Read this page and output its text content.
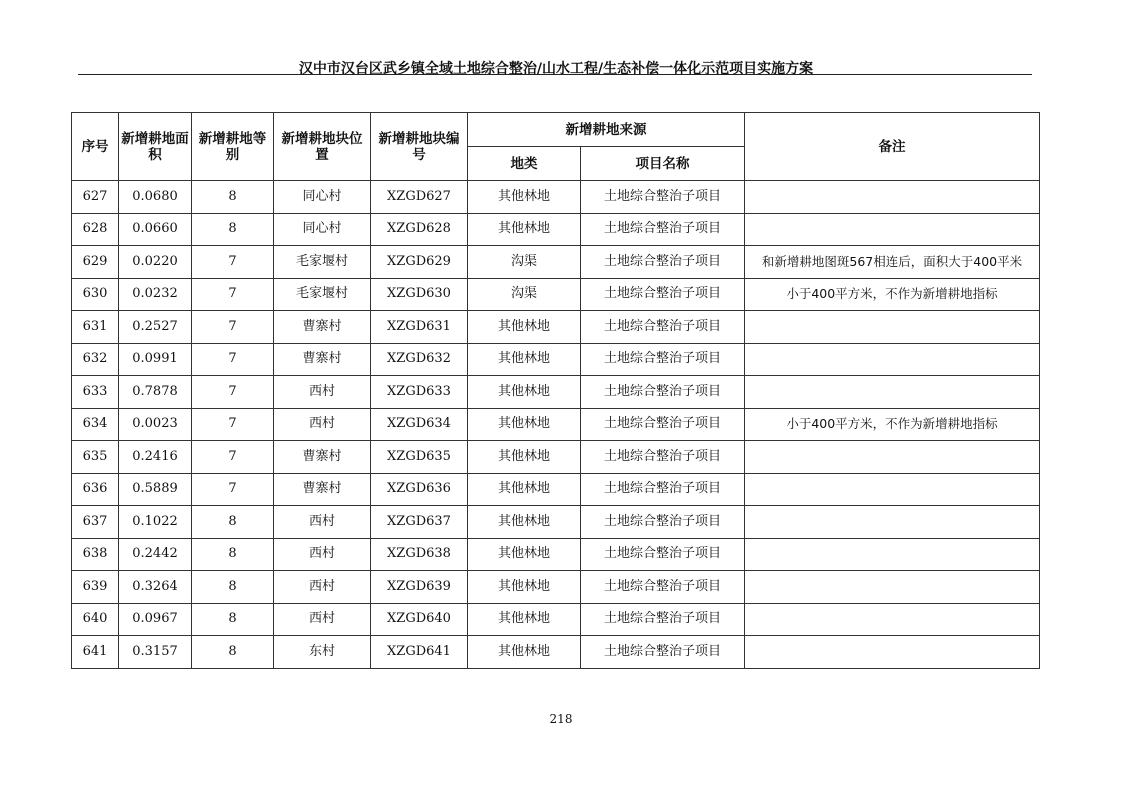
汉中市汉台区武乡镇全域土地综合整治/山水工程/生态补偿一体化示范项目实施方案
序号	新增耕地面积	新增耕地等别	新增耕地块位置	新增耕地块编号	新增耕地来源		备注
					地类	项目名称	
627	0.0680	8	同心村	XZGD627	其他林地	土地综合整治子项目	
628	0.0660	8	同心村	XZGD628	其他林地	土地综合整治子项目	
629	0.0220	7	毛家堰村	XZGD629	沟渠	土地综合整治子项目	和新增耕地图斑567相连后，面积大于400平米
630	0.0232	7	毛家堰村	XZGD630	沟渠	土地综合整治子项目	小于400平方米，不作为新增耕地指标
631	0.2527	7	曹寨村	XZGD631	其他林地	土地综合整治子项目	
632	0.0991	7	曹寨村	XZGD632	其他林地	土地综合整治子项目	
633	0.7878	7	西村	XZGD633	其他林地	土地综合整治子项目	
634	0.0023	7	西村	XZGD634	其他林地	土地综合整治子项目	小于400平方米，不作为新增耕地指标
635	0.2416	7	曹寨村	XZGD635	其他林地	土地综合整治子项目	
636	0.5889	7	曹寨村	XZGD636	其他林地	土地综合整治子项目	
637	0.1022	8	西村	XZGD637	其他林地	土地综合整治子项目	
638	0.2442	8	西村	XZGD638	其他林地	土地综合整治子项目	
639	0.3264	8	西村	XZGD639	其他林地	土地综合整治子项目	
640	0.0967	8	西村	XZGD640	其他林地	土地综合整治子项目	
641	0.3157	8	东村	XZGD641	其他林地	土地综合整治子项目	
218
